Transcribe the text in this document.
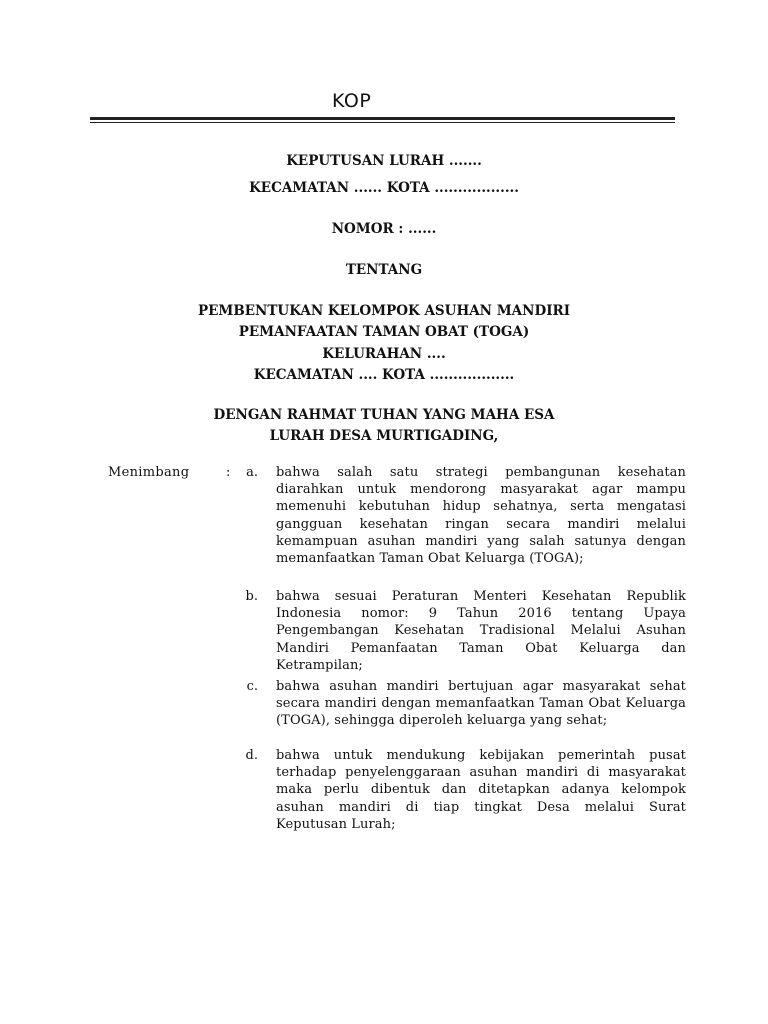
KOP
KEPUTUSAN LURAH .......
KECAMATAN ...... KOTA ..................
NOMOR : ......
TENTANG
PEMBENTUKAN KELOMPOK ASUHAN MANDIRI
PEMANFAATAN TAMAN OBAT (TOGA)
KELURAHAN ....
KECAMATAN .... KOTA ..................
DENGAN RAHMAT TUHAN YANG MAHA ESA
LURAH DESA MURTIGADING,
Menimbang	:	a. bahwa salah satu strategi pembangunan kesehatan diarahkan untuk mendorong masyarakat agar mampu memenuhi kebutuhan hidup sehatnya, serta mengatasi gangguan kesehatan ringan secara mandiri melalui kemampuan asuhan mandiri yang salah satunya dengan memanfaatkan Taman Obat Keluarga (TOGA);
b. bahwa sesuai Peraturan Menteri Kesehatan Republik Indonesia nomor: 9 Tahun 2016 tentang Upaya Pengembangan Kesehatan Tradisional Melalui Asuhan Mandiri Pemanfaatan Taman Obat Keluarga dan Ketrampilan;
c. bahwa asuhan mandiri bertujuan agar masyarakat sehat secara mandiri dengan memanfaatkan Taman Obat Keluarga (TOGA), sehingga diperoleh keluarga yang sehat;
d. bahwa untuk mendukung kebijakan pemerintah pusat terhadap penyelenggaraan asuhan mandiri di masyarakat maka perlu dibentuk dan ditetapkan adanya kelompok asuhan mandiri di tiap tingkat Desa melalui Surat Keputusan Lurah;
